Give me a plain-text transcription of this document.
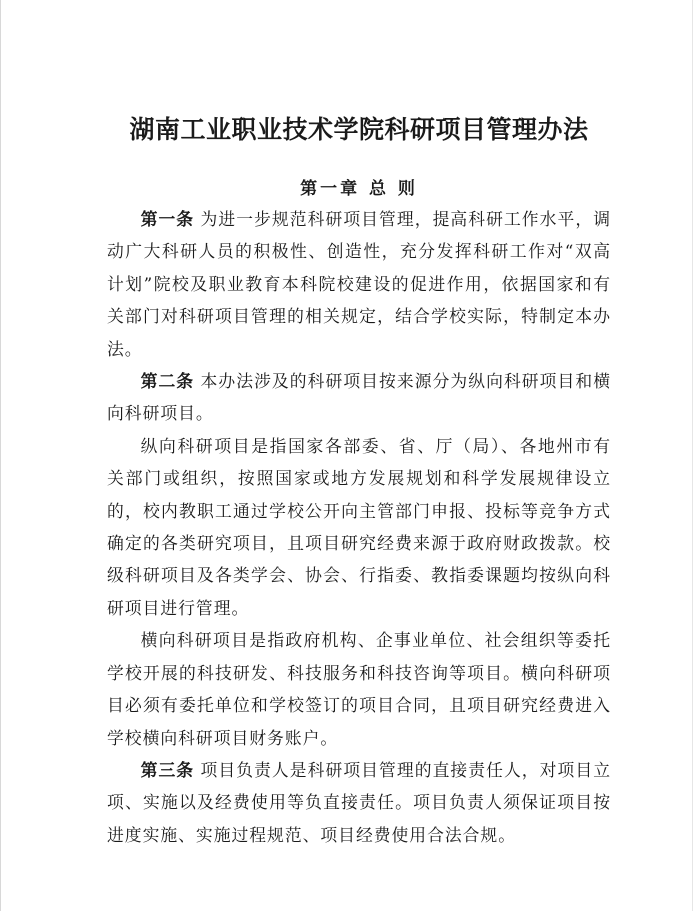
湖南工业职业技术学院科研项目管理办法
第一章 总 则

第一条 为进一步规范科研项目管理，提高科研工作水平，调动广大科研人员的积极性、创造性，充分发挥科研工作对“双高计划”院校及职业教育本科院校建设的促进作用，依据国家和有关部门对科研项目管理的相关规定，结合学校实际，特制定本办法。

第二条 本办法涉及的科研项目按来源分为纵向科研项目和横向科研项目。

纵向科研项目是指国家各部委、省、厅（局）、各地州市有关部门或组织，按照国家或地方发展规划和科学发展规律设立的，校内教职工通过学校公开向主管部门申报、投标等竞争方式确定的各类研究项目，且项目研究经费来源于政府财政拨款。校级科研项目及各类学会、协会、行指委、教指委课题均按纵向科研项目进行管理。

横向科研项目是指政府机构、企事业单位、社会组织等委托学校开展的科技研发、科技服务和科技咨询等项目。横向科研项目必须有委托单位和学校签订的项目合同，且项目研究经费进入学校横向科研项目财务账户。

第三条 项目负责人是科研项目管理的直接责任人，对项目立项、实施以及经费使用等负直接责任。项目负责人须保证项目按进度实施、实施过程规范、项目经费使用合法合规。
